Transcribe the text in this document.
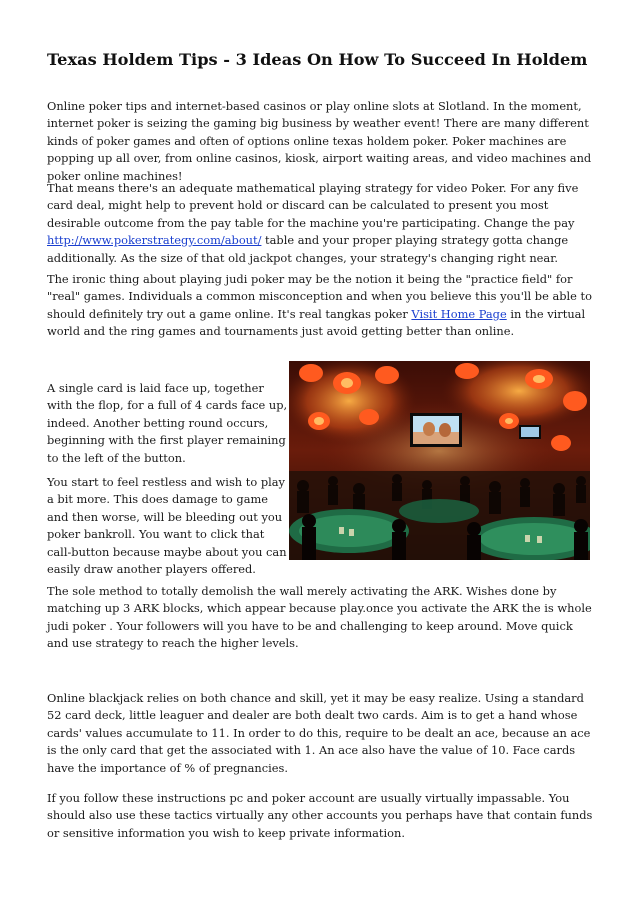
Texas Holdem Tips - 3 Ideas On How To Succeed In Holdem

Online poker tips and internet-based casinos or play online slots at Slotland. In the moment, internet poker is seizing the gaming big business by weather event! There are many different kinds of poker games and often of options online texas holdem poker. Poker machines are popping up all over, from online casinos, kiosk, airport waiting areas, and video machines and poker online machines!

That means there's an adequate mathematical playing strategy for video Poker. For any five card deal, might help to prevent hold or discard can be calculated to present you most desirable outcome from the pay table for the machine you're participating. Change the pay http://www.pokerstrategy.com/about/ table and your proper playing strategy gotta change additionally. As the size of that old jackpot changes, your strategy's changing right near.

The ironic thing about playing judi poker may be the notion it being the "practice field" for "real" games. Individuals a common misconception and when you believe this you'll be able to should definitely try out a game online. It's real tangkas poker Visit Home Page in the virtual world and the ring games and tournaments just avoid getting better than online.

A single card is laid face up, together with the flop, for a full of 4 cards face up, indeed. Another betting round occurs, beginning with the first player remaining to the left of the button.

You start to feel restless and wish to play a bit more. This does damage to game and then worse, will be bleeding out you poker bankroll. You want to click that call-button because maybe about you can easily draw another players offered.

The sole method to totally demolish the wall merely activating the ARK. Wishes done by matching up 3 ARK blocks, which appear because play.once you activate the ARK the is whole judi poker . Your followers will you have to be and challenging to keep around. Move quick and use strategy to reach the higher levels.

Online blackjack relies on both chance and skill, yet it may be easy realize. Using a standard 52 card deck, little leaguer and dealer are both dealt two cards. Aim is to get a hand whose cards' values accumulate to 11. In order to do this, require to be dealt an ace, because an ace is the only card that get the associated with 1. An ace also have the value of 10. Face cards have the importance of % of pregnancies.

If you follow these instructions pc and poker account are usually virtually impassable. You should also use these tactics virtually any other accounts you perhaps have that contain funds or sensitive information you wish to keep private information.
